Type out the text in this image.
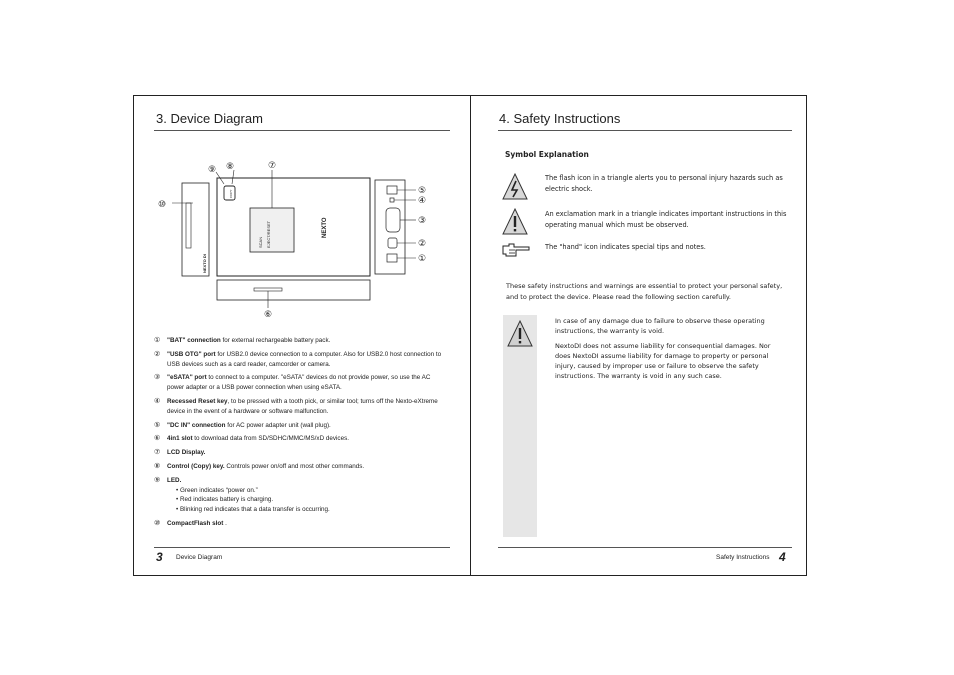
3. Device Diagram
NEXTO DI
SCAN EJECT/RESET
COPY
NEXTO
⑩
⑨ ⑧	⑦
⑤
④
③
②
①
⑥
① "BAT" connection for external rechargeable battery pack.
② "USB OTG" port for USB2.0 device connection to a computer. Also for USB2.0 host connection to USB devices such as a card reader, camcorder or camera.
③ "eSATA" port to connect to a computer. "eSATA" devices do not provide power, so use the AC power adapter or a USB power connection when using eSATA.
④ Recessed Reset key, to be pressed with a tooth pick, or similar tool; turns off the Nexto-eXtreme device in the event of a hardware or software malfunction.
⑤ "DC IN" connection for AC power adapter unit (wall plug).
⑥ 4in1 slot to download data from SD/SDHC/MMC/MS/xD devices.
⑦ LCD Display.
⑧ Control (Copy) key. Controls power on/off and most other commands.
⑨ LED.
• Green indicates “power on.”
• Red indicates battery is charging.
• Blinking red indicates that a data transfer is occurring.
⑩ CompactFlash slot .
3 Device Diagram
4. Safety Instructions
Symbol Explanation
The flash icon in a triangle alerts you to personal injury hazards such as electric shock.
An exclamation mark in a triangle indicates important instructions in this operating manual which must be observed.
The "hand" icon indicates special tips and notes.
These safety instructions and warnings are essential to protect your personal safety, and to protect the device. Please read the following section carefully.

In case of any damage due to failure to observe these operating instructions, the warranty is void.

NextoDI does not assume liability for consequential damages. Nor does NextoDI assume liability for damage to property or personal injury, caused by improper use or failure to observe the safety instructions. The warranty is void in any such case.

Safety Instructions 4
